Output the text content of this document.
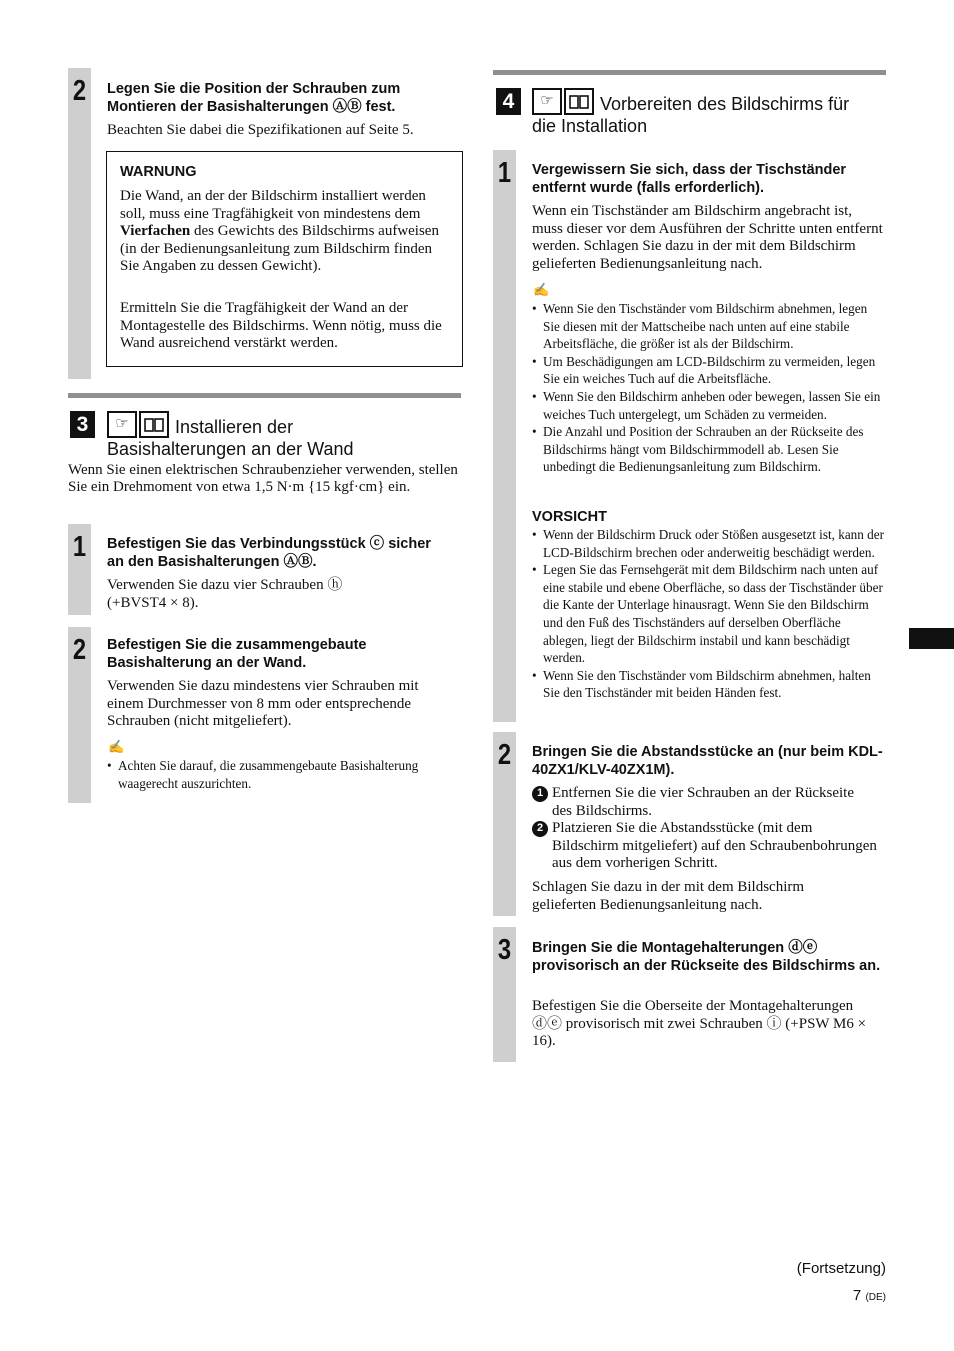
2 Legen Sie die Position der Schrauben zum Montieren der Basishalterungen ⒶⒷ fest.
Beachten Sie dabei die Spezifikationen auf Seite 5.
WARNUNG
Die Wand, an der der Bildschirm installiert werden soll, muss eine Tragfähigkeit von mindestens dem Vierfachen des Gewichts des Bildschirms aufweisen (in der Bedienungsanleitung zum Bildschirm finden Sie Angaben zu dessen Gewicht).
Ermitteln Sie die Tragfähigkeit der Wand an der Montagestelle des Bildschirms. Wenn nötig, muss die Wand ausreichend verstärkt werden.
3	☞	Installieren der Basishalterungen an der Wand
Wenn Sie einen elektrischen Schraubenzieher verwenden, stellen Sie ein Drehmoment von etwa 1,5 N·m {15 kgf·cm} ein.
1 Befestigen Sie das Verbindungsstück ⓒ sicher an den Basishalterungen ⒶⒷ.
Verwenden Sie dazu vier Schrauben ⓗ (+BVST4 × 8).
2 Befestigen Sie die zusammengebaute Basishalterung an der Wand.
Verwenden Sie dazu mindestens vier Schrauben mit einem Durchmesser von 8 mm oder entsprechende Schrauben (nicht mitgeliefert).
✍
• Achten Sie darauf, die zusammengebaute Basishalterung waagerecht auszurichten.
4	☞	Vorbereiten des Bildschirms für die Installation
1 Vergewissern Sie sich, dass der Tischständer entfernt wurde (falls erforderlich).
Wenn ein Tischständer am Bildschirm angebracht ist, muss dieser vor dem Ausführen der Schritte unten entfernt werden. Schlagen Sie dazu in der mit dem Bildschirm gelieferten Bedienungsanleitung nach.
✍
• Wenn Sie den Tischständer vom Bildschirm abnehmen, legen Sie diesen mit der Mattscheibe nach unten auf eine stabile Arbeitsfläche, die größer ist als der Bildschirm.
• Um Beschädigungen am LCD-Bildschirm zu vermeiden, legen Sie ein weiches Tuch auf die Arbeitsfläche.
• Wenn Sie den Bildschirm anheben oder bewegen, lassen Sie ein weiches Tuch untergelegt, um Schäden zu vermeiden.
• Die Anzahl und Position der Schrauben an der Rückseite des Bildschirms hängt vom Bildschirmmodell ab. Lesen Sie unbedingt die Bedienungsanleitung zum Bildschirm.
VORSICHT
• Wenn der Bildschirm Druck oder Stößen ausgesetzt ist, kann der LCD-Bildschirm brechen oder anderweitig beschädigt werden.
• Legen Sie das Fernsehgerät mit dem Bildschirm nach unten auf eine stabile und ebene Oberfläche, so dass der Tischständer über die Kante der Unterlage hinausragt. Wenn Sie den Bildschirm und den Fuß des Tischständers auf derselben Oberfläche ablegen, liegt der Bildschirm instabil und kann beschädigt werden.
• Wenn Sie den Tischständer vom Bildschirm abnehmen, halten Sie den Tischständer mit beiden Händen fest.
2 Bringen Sie die Abstandsstücke an (nur beim KDL-40ZX1/KLV-40ZX1M).
1 Entfernen Sie die vier Schrauben an der Rückseite des Bildschirms.
2 Platzieren Sie die Abstandsstücke (mit dem Bildschirm mitgeliefert) auf den Schraubenbohrungen aus dem vorherigen Schritt.
Schlagen Sie dazu in der mit dem Bildschirm gelieferten Bedienungsanleitung nach.
3 Bringen Sie die Montagehalterungen ⓓⓔ provisorisch an der Rückseite des Bildschirms an.
Befestigen Sie die Oberseite der Montagehalterungen ⓓⓔ provisorisch mit zwei Schrauben ⓘ (+PSW M6 × 16).
(Fortsetzung)
7 (DE)
